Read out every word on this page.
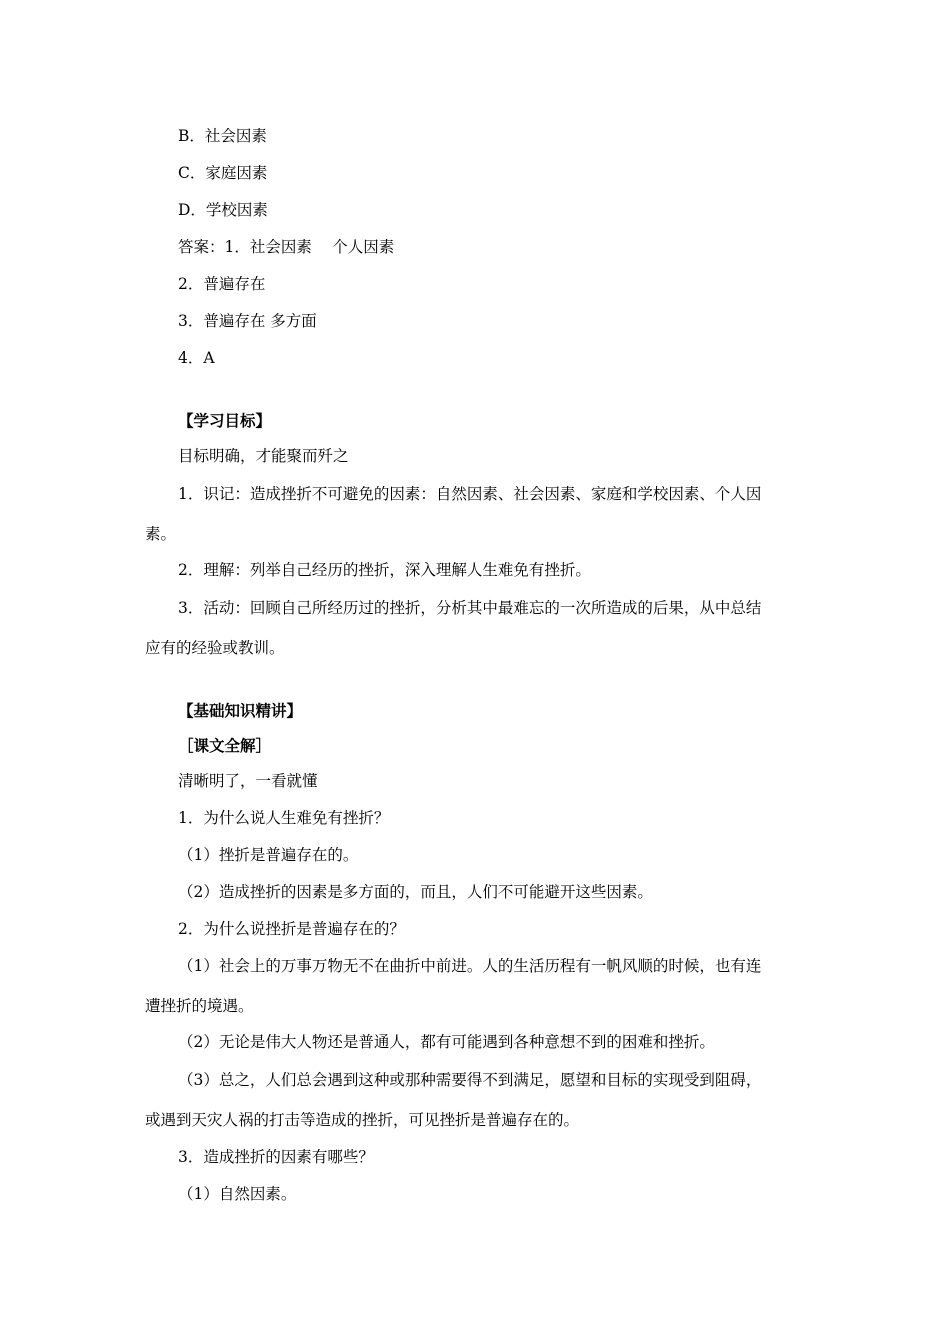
B．社会因素
C．家庭因素
D．学校因素
答案：1．社会因素　 个人因素
2．普遍存在
3．普遍存在 多方面
4．A
【学习目标】
目标明确，才能聚而歼之
1．识记：造成挫折不可避免的因素：自然因素、社会因素、家庭和学校因素、个人因
素。
2．理解：列举自己经历的挫折，深入理解人生难免有挫折。
3．活动：回顾自己所经历过的挫折，分析其中最难忘的一次所造成的后果，从中总结
应有的经验或教训。
【基础知识精讲】
［课文全解］
清晰明了，一看就懂
1．为什么说人生难免有挫折？
（1）挫折是普遍存在的。
（2）造成挫折的因素是多方面的，而且，人们不可能避开这些因素。
2．为什么说挫折是普遍存在的？
（1）社会上的万事万物无不在曲折中前进。人的生活历程有一帆风顺的时候，也有连
遭挫折的境遇。
（2）无论是伟大人物还是普通人，都有可能遇到各种意想不到的困难和挫折。
（3）总之，人们总会遇到这种或那种需要得不到满足，愿望和目标的实现受到阻碍，
或遇到天灾人祸的打击等造成的挫折，可见挫折是普遍存在的。
3．造成挫折的因素有哪些？
（1）自然因素。
